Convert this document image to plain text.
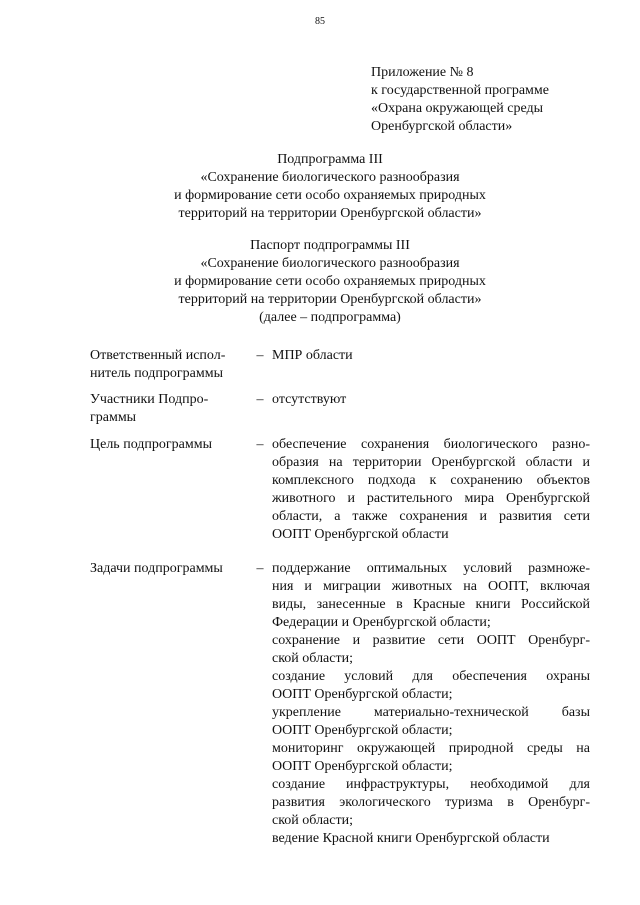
85
Приложение № 8
к государственной программе
«Охрана окружающей среды
Оренбургской области»
Подпрограмма III
«Сохранение биологического разнообразия
и формирование сети особо охраняемых природных
территорий на территории Оренбургской области»
Паспорт подпрограммы III
«Сохранение биологического разнообразия
и формирование сети особо охраняемых природных
территорий на территории Оренбургской области»
(далее – подпрограмма)
Ответственный испол-
нитель подпрограммы
– МПР области
Участники Подпро-
граммы
– отсутствуют
Цель подпрограммы	– обеспечение сохранения биологического разно-
образия на территории Оренбургской области и
комплексного подхода к сохранению объектов
животного и растительного мира Оренбургской
области, а также сохранения и развития сети
ООПТ Оренбургской области
Задачи подпрограммы	– поддержание оптимальных условий размноже-
ния и миграции животных на ООПТ, включая
виды, занесенные в Красные книги Российской
Федерации и Оренбургской области;
сохранение и развитие сети ООПТ Оренбург-
ской области;
создание условий для обеспечения охраны
ООПТ Оренбургской области;
укрепление материально-технической базы
ООПТ Оренбургской области;
мониторинг окружающей природной среды на
ООПТ Оренбургской области;
создание инфраструктуры, необходимой для
развития экологического туризма в Оренбург-
ской области;
ведение Красной книги Оренбургской области
